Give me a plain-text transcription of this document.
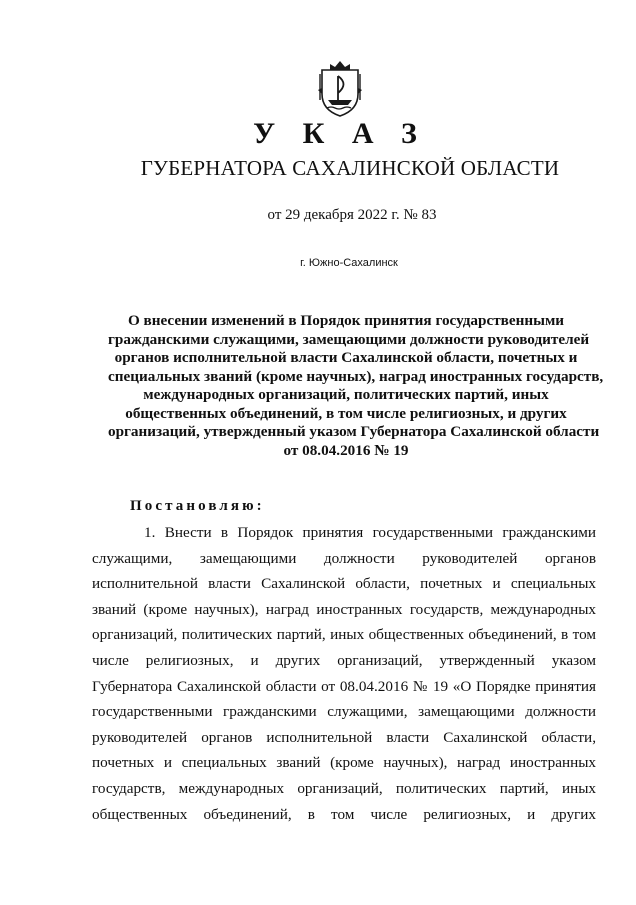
У К А З
ГУБЕРНАТОРА САХАЛИНСКОЙ ОБЛАСТИ
от 29 декабря 2022 г. № 83
г. Южно-Сахалинск
О внесении изменений в Порядок принятия государственными
гражданскими служащими, замещающими должности руководителей
органов исполнительной власти Сахалинской области, почетных и
специальных званий (кроме научных), наград иностранных государств,
международных организаций, политических партий, иных
общественных объединений, в том числе религиозных, и других
организаций, утвержденный указом Губернатора Сахалинской области
от 08.04.2016 № 19
Постановляю:
1. Внести в Порядок принятия государственными гражданскими
служащими, замещающими должности руководителей органов
исполнительной власти Сахалинской области, почетных и специальных
званий (кроме научных), наград иностранных государств, международных
организаций, политических партий, иных общественных объединений, в том
числе религиозных, и других организаций, утвержденный указом
Губернатора Сахалинской области от 08.04.2016 № 19 «О Порядке принятия
государственными гражданскими служащими, замещающими должности
руководителей органов исполнительной власти Сахалинской области,
почетных и специальных званий (кроме научных), наград иностранных
государств, международных организаций, политических партий, иных
общественных объединений, в том числе религиозных, и других
